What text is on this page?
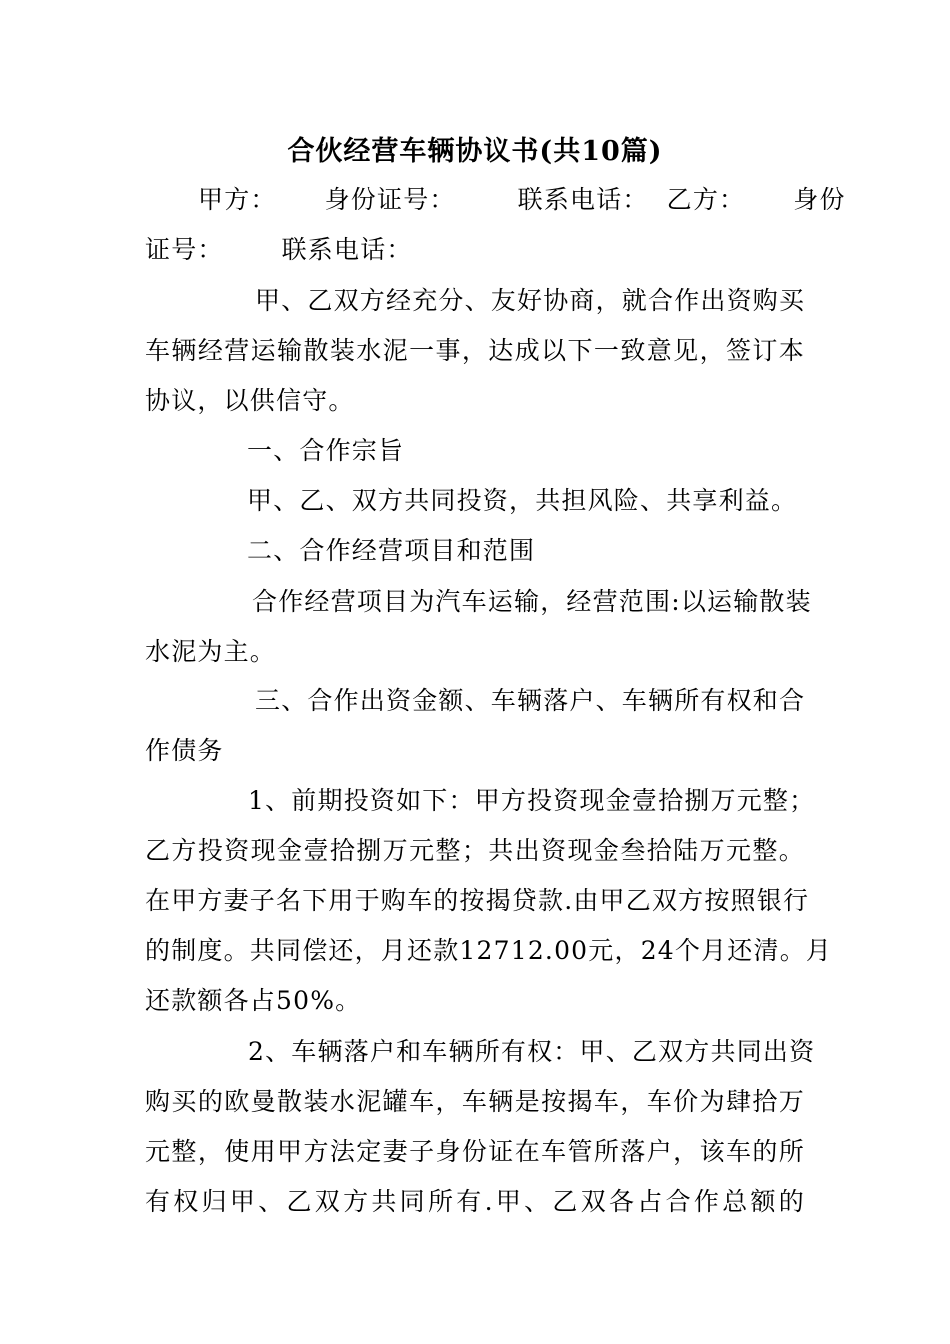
合伙经营车辆协议书(共10篇)
甲方： 身份证号： 联系电话： 乙方： 身份
证号： 联系电话：
甲、乙双方经充分、友好协商，就合作出资购买
车辆经营运输散装水泥一事，达成以下一致意见，签订本
协议，以供信守。
一、合作宗旨
甲、乙、双方共同投资，共担风险、共享利益。
二、合作经营项目和范围
合作经营项目为汽车运输，经营范围:以运输散装
水泥为主。
三、合作出资金额、车辆落户、车辆所有权和合
作债务
1、前期投资如下：甲方投资现金壹拾捌万元整；
乙方投资现金壹拾捌万元整；共出资现金叁拾陆万元整。
在甲方妻子名下用于购车的按揭贷款.由甲乙双方按照银行
的制度。共同偿还，月还款12712.00元，24个月还清。月
还款额各占50%。
2、车辆落户和车辆所有权：甲、乙双方共同出资
购买的欧曼散装水泥罐车，车辆是按揭车，车价为肆拾万
元整，使用甲方法定妻子身份证在车管所落户，该车的所
有权归甲、乙双方共同所有.甲、乙双各占合作总额的
